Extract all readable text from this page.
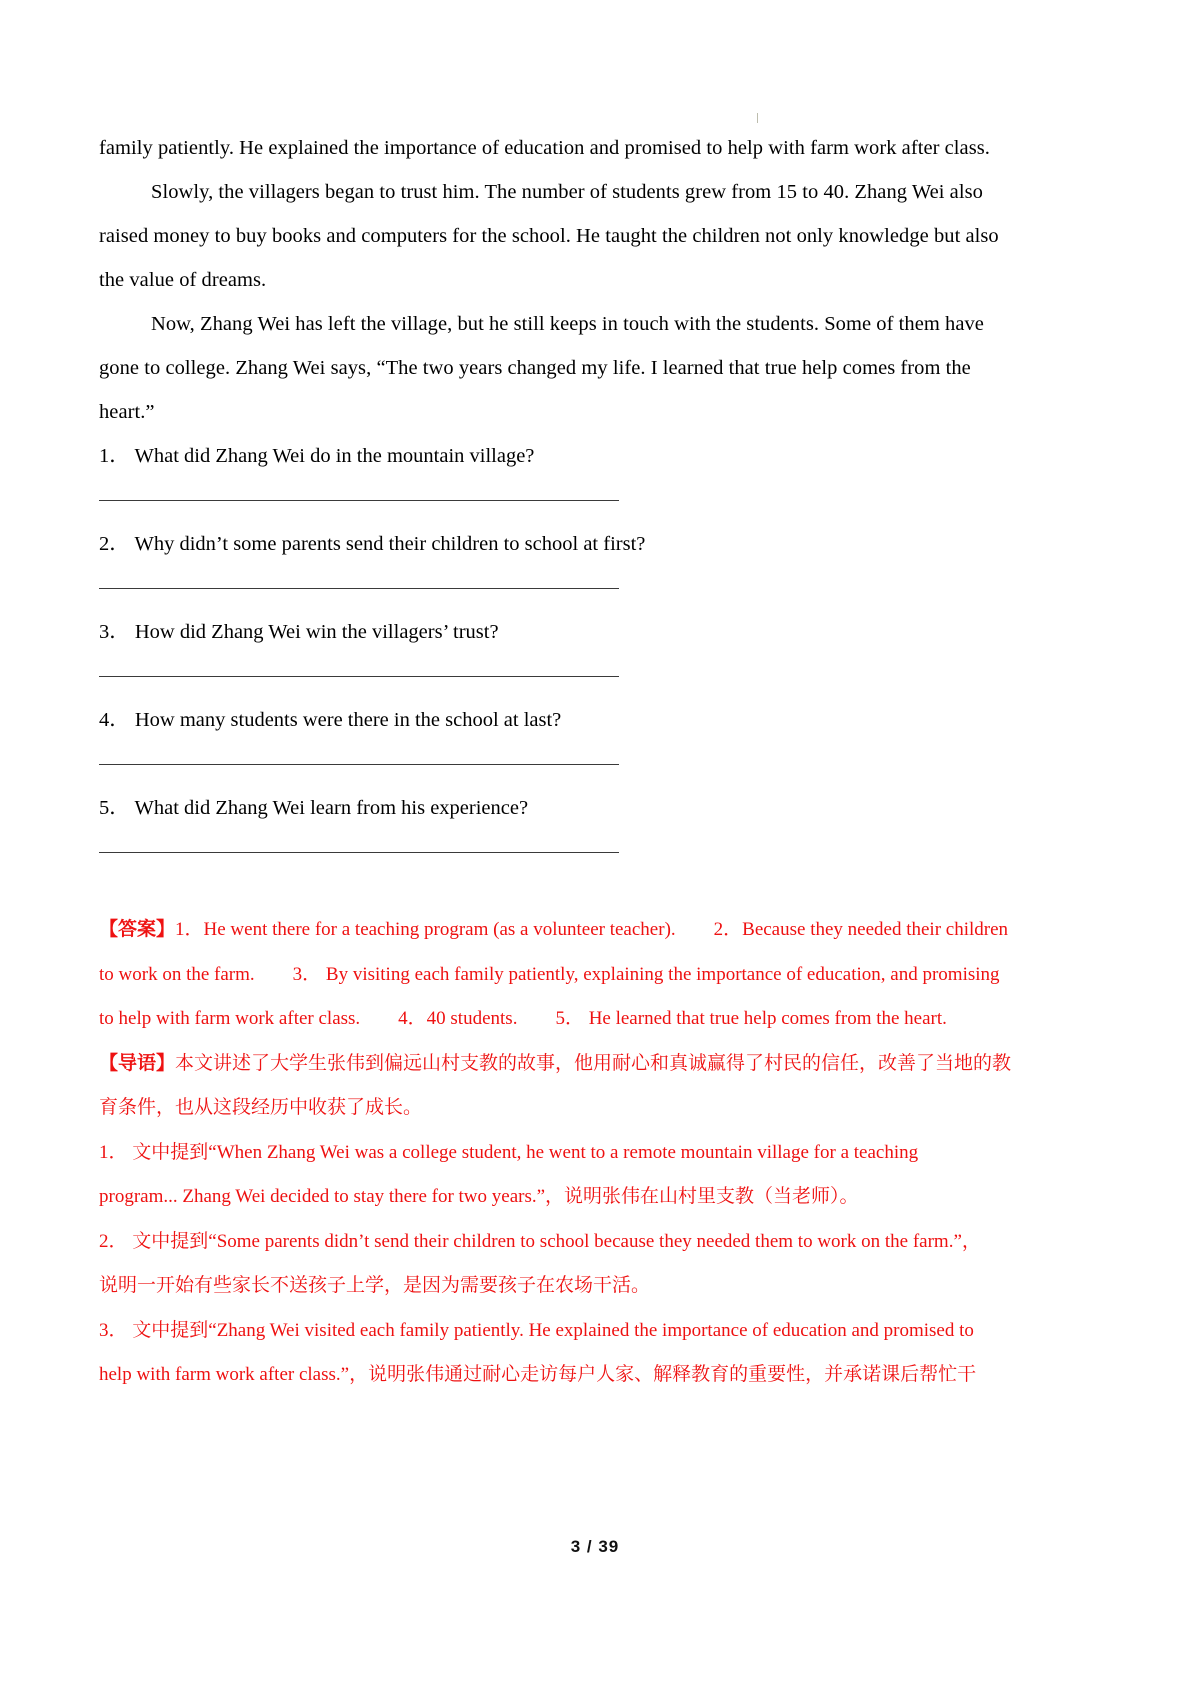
family patiently. He explained the importance of education and promised to help with farm work after class.

Slowly, the villagers began to trust him. The number of students grew from 15 to 40. Zhang Wei also raised money to buy books and computers for the school. He taught the children not only knowledge but also the value of dreams.

Now, Zhang Wei has left the village, but he still keeps in touch with the students. Some of them have gone to college. Zhang Wei says, “The two years changed my life. I learned that true help comes from the heart.”

1． What did Zhang Wei do in the mountain village?

2． Why didn’t some parents send their children to school at first?

3． How did Zhang Wei win the villagers’ trust?

4． How many students were there in the school at last?

5． What did Zhang Wei learn from his experience?

【答案】1．He went there for a teaching program (as a volunteer teacher).　　2．Because they needed their children to work on the farm.　　3． By visiting each family patiently, explaining the importance of education, and promising to help with farm work after class.　　4．40 students.　　5． He learned that true help comes from the heart.

【导语】本文讲述了大学生张伟到偏远山村支教的故事，他用耐心和真诚赢得了村民的信任，改善了当地的教育条件，也从这段经历中收获了成长。

1． 文中提到“When Zhang Wei was a college student, he went to a remote mountain village for a teaching

program... Zhang Wei decided to stay there for two years.”，说明张伟在山村里支教（当老师）。

2． 文中提到“Some parents didn’t send their children to school because they needed them to work on the farm.”，

说明一开始有些家长不送孩子上学，是因为需要孩子在农场干活。

3． 文中提到“Zhang Wei visited each family patiently. He explained the importance of education and promised to

help with farm work after class.”，说明张伟通过耐心走访每户人家、解释教育的重要性，并承诺课后帮忙干

3 / 39
